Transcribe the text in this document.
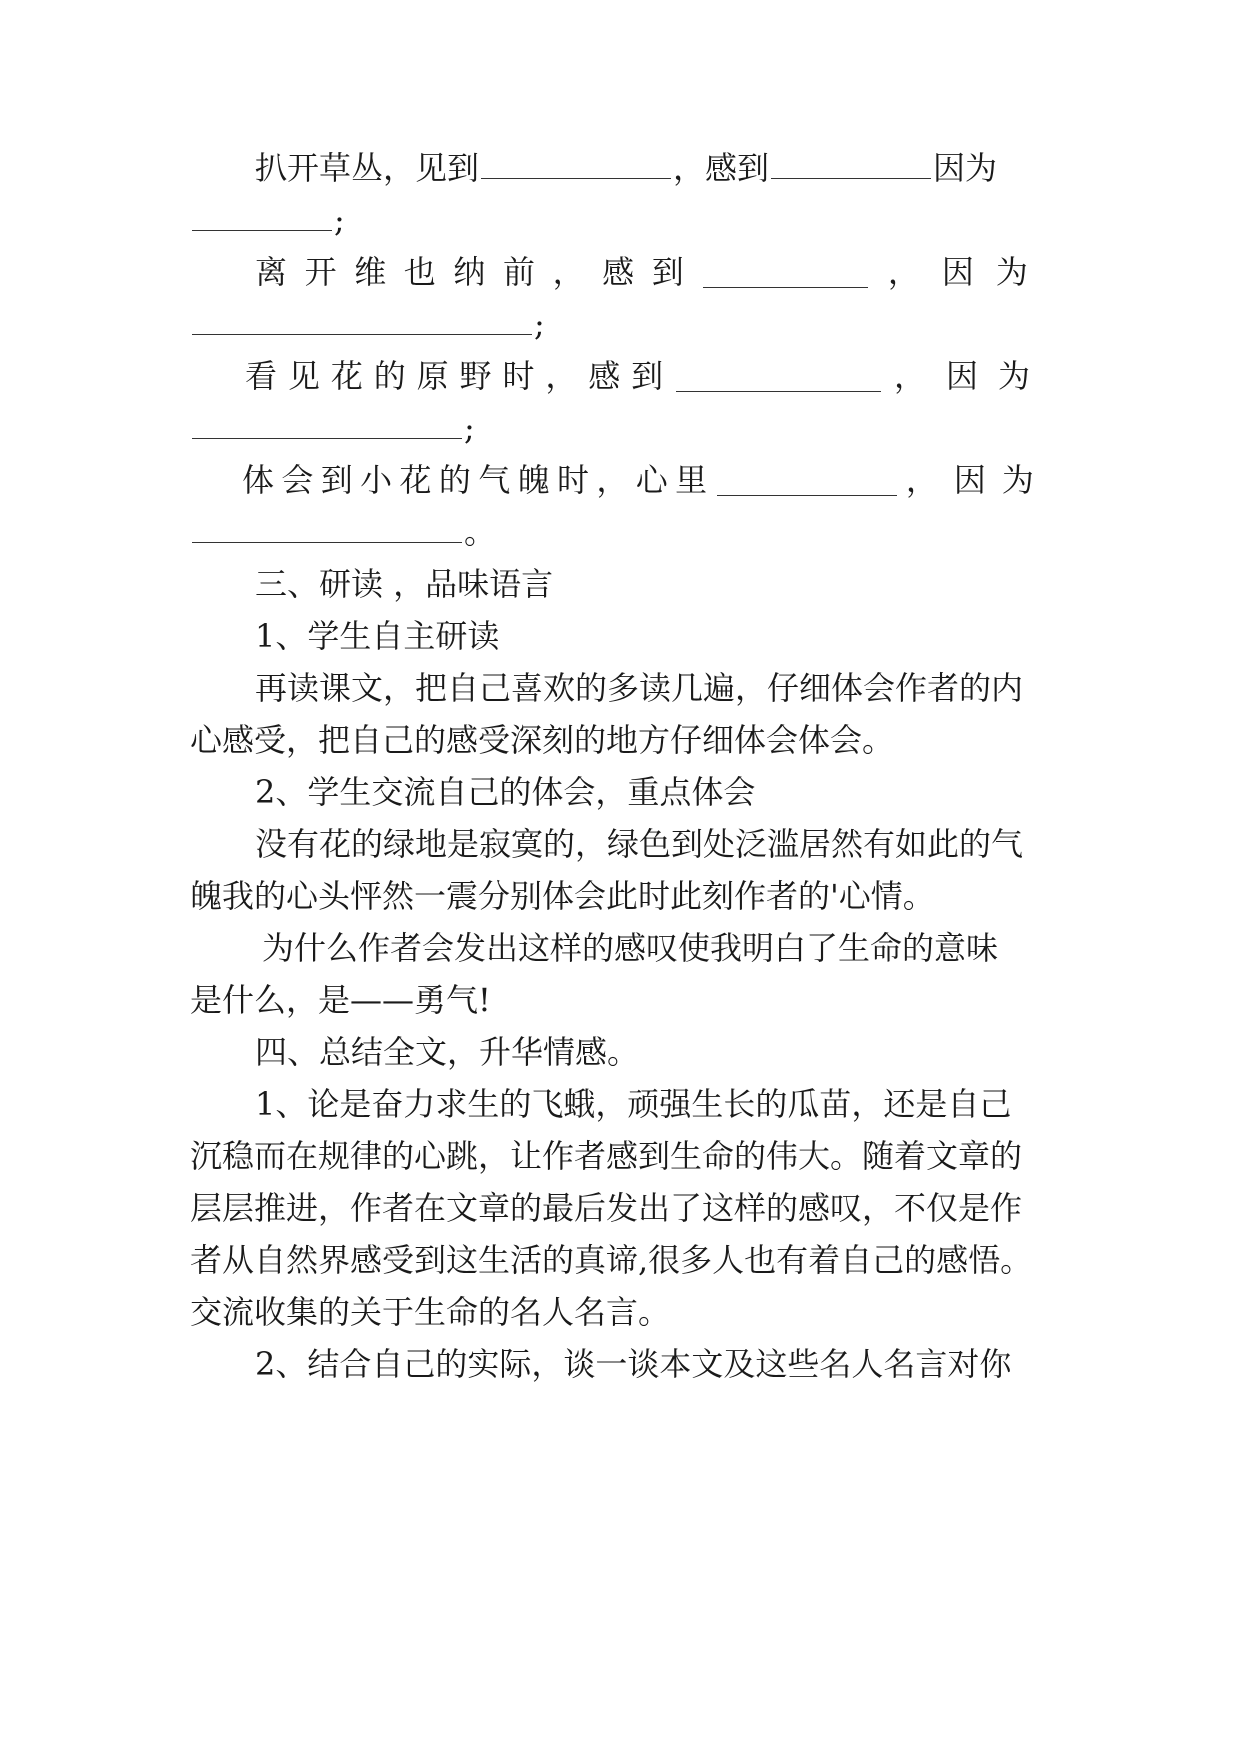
扒开草丛，见到	，感到	因为
;
离 开 维 也 纳 前 ， 感 到	，因为
;
看 见 花 的 原 野 时 ， 感 到	，因为
;
体 会 到 小 花 的 气 魄 时 ， 心 里	，因为
。
三、研读 ，品味语言
1、学生自主研读
再读课文，把自己喜欢的多读几遍，仔细体会作者的内
心感受，把自己的感受深刻的地方仔细体会体会。
2、学生交流自己的体会，重点体会
没有花的绿地是寂寞的，绿色到处泛滥居然有如此的气
魄我的心头怦然一震分别体会此时此刻作者的'心情。
为什么作者会发出这样的感叹使我明白了生命的意味
是什么，是——勇气!
四、总结全文，升华情感。
1、论是奋力求生的飞蛾，顽强生长的瓜苗，还是自己
沉稳而在规律的心跳，让作者感到生命的伟大。随着文章的
层层推进，作者在文章的最后发出了这样的感叹，不仅是作
者从自然界感受到这生活的真谛,很多人也有着自己的感悟。
交流收集的关于生命的名人名言。
2、结合自己的实际，谈一谈本文及这些名人名言对你
